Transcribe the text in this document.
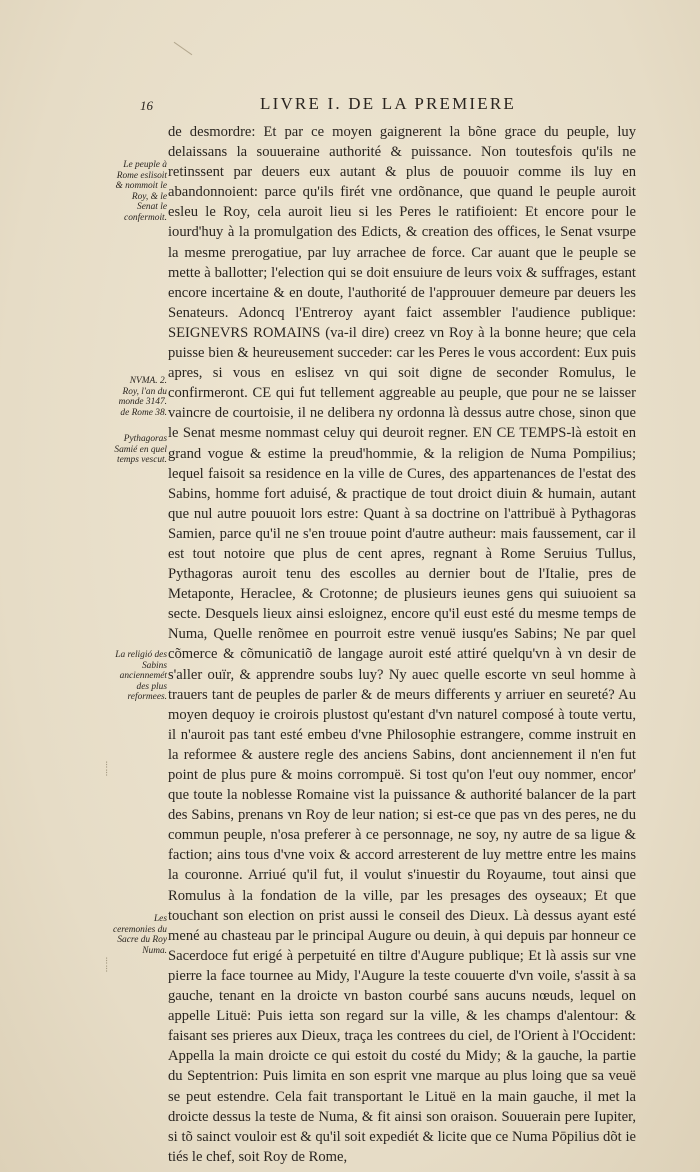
16	LIVRE I. DE LA PREMIERE
Le peuple à Rome eslisoit & nommoit le Roy, & le Senat le confermoit.
NVMA. 2. Roy, l'an du monde 3147. de Rome 38.
Pythagoras Samié en quel temps vescut.
La religió des Sabins anciennemét des plus reformees.
Les ceremonies du Sacre du Roy Numa.
⁝
⁝
⁝
⁝

de desmordre: Et par ce moyen gaignerent la bõne grace du peuple, luy delaissans la souueraine authorité & puissance. Non toutesfois qu'ils ne retinssent par deuers eux autant & plus de pouuoir comme ils luy en abandonnoient: parce qu'ils firét vne ordõnance, que quand le peuple auroit esleu le Roy, cela auroit lieu si les Peres le ratifioient: Et encore pour le iourd'huy à la promulgation des Edicts, & creation des offices, le Senat vsurpe la mesme prerogatiue, par luy arrachee de force. Car auant que le peuple se mette à ballotter; l'election qui se doit ensuiure de leurs voix & suffrages, estant encore incertaine & en doute, l'authorité de l'approuuer demeure par deuers les Senateurs. Adoncq l'Entreroy ayant faict assembler l'audience publique: SEIGNEVRS ROMAINS (va-il dire) creez vn Roy à la bonne heure; que cela puisse bien & heureusement succeder: car les Peres le vous accordent: Eux puis apres, si vous en eslisez vn qui soit digne de seconder Romulus, le confirmeront. CE qui fut tellement aggreable au peuple, que pour ne se laisser vaincre de courtoisie, il ne delibera ny ordonna là dessus autre chose, sinon que le Senat mesme nommast celuy qui deuroit regner. EN CE TEMPS-là estoit en grand vogue & estime la preud'hommie, & la religion de Numa Pompilius; lequel faisoit sa residence en la ville de Cures, des appartenances de l'estat des Sabins, homme fort aduisé, & practique de tout droict diuin & humain, autant que nul autre pouuoit lors estre: Quant à sa doctrine on l'attribuë à Pythagoras Samien, parce qu'il ne s'en trouue point d'autre autheur: mais faussement, car il est tout notoire que plus de cent apres, regnant à Rome Seruius Tullus, Pythagoras auroit tenu des escolles au dernier bout de l'Italie, pres de Metaponte, Heraclee, & Crotonne; de plusieurs ieunes gens qui suiuoient sa secte. Desquels lieux ainsi esloignez, encore qu'il eust esté du mesme temps de Numa, Quelle renõmee en pourroit estre venuë iusqu'es Sabins; Ne par quel cõmerce & cõmunicatiõ de langage auroit esté attiré quelqu'vn à vn desir de s'aller ouïr, & apprendre soubs luy? Ny auec quelle escorte vn seul homme à trauers tant de peuples de parler & de meurs differents y arriuer en seureté? Au moyen dequoy ie croirois plustost qu'estant d'vn naturel composé à toute vertu, il n'auroit pas tant esté embeu d'vne Philosophie estrangere, comme instruit en la reformee & austere regle des anciens Sabins, dont anciennement il n'en fut point de plus pure & moins corrompuë. Si tost qu'on l'eut ouy nommer, encor' que toute la noblesse Romaine vist la puissance & authorité balancer de la part des Sabins, prenans vn Roy de leur nation; si est-ce que pas vn des peres, ne du commun peuple, n'osa preferer à ce personnage, ne soy, ny autre de sa ligue & faction; ains tous d'vne voix & accord arresterent de luy mettre entre les mains la couronne. Arriué qu'il fut, il voulut s'inuestir du Royaume, tout ainsi que Romulus à la fondation de la ville, par les presages des oyseaux; Et que touchant son election on prist aussi le conseil des Dieux. Là dessus ayant esté mené au chasteau par le principal Augure ou deuin, à qui depuis par honneur ce Sacerdoce fut erigé à perpetuité en tiltre d'Augure publique; Et là assis sur vne pierre la face tournee au Midy, l'Augure la teste couuerte d'vn voile, s'assit à sa gauche, tenant en la droicte vn baston courbé sans aucuns nœuds, lequel on appelle Lituë: Puis ietta son regard sur la ville, & les champs d'alentour: & faisant ses prieres aux Dieux, traça les contrees du ciel, de l'Orient à l'Occident: Appella la main droicte ce qui estoit du costé du Midy; & la gauche, la partie du Septentrion: Puis limita en son esprit vne marque au plus loing que sa veuë se peut estendre. Cela fait transportant le Lituë en la main gauche, il met la droicte dessus la teste de Numa, & fit ainsi son oraison. Souuerain pere Iupiter, si tõ sainct vouloir est & qu'il soit expediét & licite que ce Numa Pōpilius dõt ie tiés le chef, soit Roy de Rome,
